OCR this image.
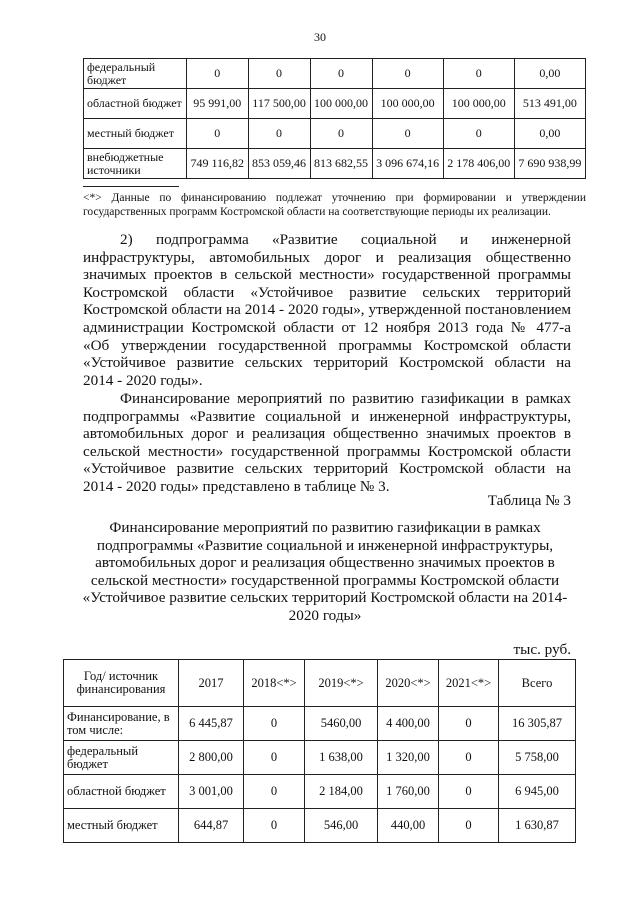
30
федеральный бюджет	0	0	0	0	0	0,00
областной бюджет	95 991,00	117 500,00	100 000,00	100 000,00	100 000,00	513 491,00
местный бюджет	0	0	0	0	0	0,00
внебюджетные источники	749 116,82	853 059,46	813 682,55	3 096 674,16	2 178 406,00	7 690 938,99
<*> Данные по финансированию подлежат уточнению при формировании и утверждении государственных программ Костромской области на соответствующие периоды их реализации.
2) подпрограмма «Развитие социальной и инженерной
инфраструктуры, автомобильных дорог и реализация общественно
значимых проектов в сельской местности» государственной программы
Костромской области «Устойчивое развитие сельских территорий
Костромской области на 2014 - 2020 годы», утвержденной постановлением
администрации Костромской области от 12 ноября 2013 года № 477-а
«Об утверждении государственной программы Костромской области
«Устойчивое развитие сельских территорий Костромской области на
2014 - 2020 годы».
Финансирование мероприятий по развитию газификации в рамках
подпрограммы «Развитие социальной и инженерной инфраструктуры,
автомобильных дорог и реализация общественно значимых проектов в
сельской местности» государственной программы Костромской области
«Устойчивое развитие сельских территорий Костромской области на
2014 - 2020 годы» представлено в таблице № 3.
Таблица № 3
Финансирование мероприятий по развитию газификации в рамках
подпрограммы «Развитие социальной и инженерной инфраструктуры,
автомобильных дорог и реализация общественно значимых проектов в
сельской местности» государственной программы Костромской области
«Устойчивое развитие сельских территорий Костромской области на 2014-
2020 годы»
тыс. руб.
Год/ источник финансирования	2017	2018<*>	2019<*>	2020<*>	2021<*>	Всего
Финансирование, в том числе:	6 445,87	0	5460,00	4 400,00	0	16 305,87
федеральный бюджет	2 800,00	0	1 638,00	1 320,00	0	5 758,00
областной бюджет	3 001,00	0	2 184,00	1 760,00	0	6 945,00
местный бюджет	644,87	0	546,00	440,00	0	1 630,87
